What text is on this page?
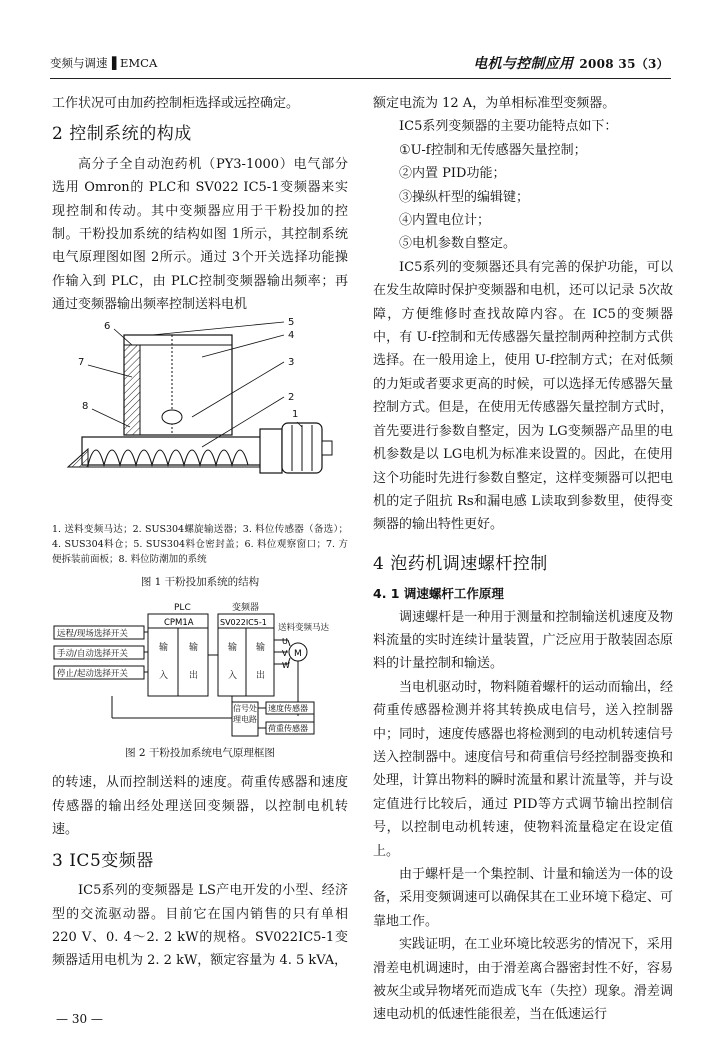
变频与调速▐ EMCA	电机与控制应用 2008 35（3）

工作状况可由加药控制柜选择或远控确定。

2 控制系统的构成

高分子全自动泡药机（PY3-1000）电气部分选用 Omron的 PLC和 SV022 IC5-1变频器来实现控制和传动。其中变频器应用于干粉投加的控制。干粉投加系统的结构如图 1所示，其控制系统电气原理图如图 2所示。通过 3个开关选择功能操作输入到 PLC，由 PLC控制变频器输出频率；再通过变频器输出频率控制送料电机

5
4
3
2
1
6
7
8
1. 送料变频马达；2. SUS304螺旋输送器；3. 料位传感器（备选）；4. SUS304料仓；5. SUS304料仓密封盖；6. 料位观察窗口；7. 方便拆装前面板；8. 料位防潮加的系统
图 1 干粉投加系统的结构
PLC	变频器
送料变频马达
CPM1A	SV022IC5-1
输
入
输
出
输
入
输
出
远程/现场选择开关
手动/自动选择开关
停止/起动选择开关
U
V
W
M
信号处理电路
速度传感器
荷重传感器
图 2 干粉投加系统电气原理框图

的转速，从而控制送料的速度。荷重传感器和速度传感器的输出经处理送回变频器，以控制电机转速。

3 IC5变频器

IC5系列的变频器是 LS产电开发的小型、经济型的交流驱动器。目前它在国内销售的只有单相 220 V、0. 4～2. 2 kW的规格。SV022IC5-1变频器适用电机为 2. 2 kW，额定容量为 4. 5 kVA，

额定电流为 12 A，为单相标准型变频器。

IC5系列变频器的主要功能特点如下：

①U-f控制和无传感器矢量控制；

②内置 PID功能；

③操纵杆型的编辑键；

④内置电位计；

⑤电机参数自整定。

IC5系列的变频器还具有完善的保护功能，可以在发生故障时保护变频器和电机，还可以记录 5次故障，方便维修时查找故障内容。在 IC5的变频器中，有 U-f控制和无传感器矢量控制两种控制方式供选择。在一般用途上，使用 U-f控制方式；在对低频的力矩或者要求更高的时候，可以选择无传感器矢量控制方式。但是，在使用无传感器矢量控制方式时，首先要进行参数自整定，因为 LG变频器产品里的电机参数是以 LG电机为标准来设置的。因此，在使用这个功能时先进行参数自整定，这样变频器可以把电机的定子阻抗 Rs和漏电感 L读取到参数里，使得变频器的输出特性更好。

4 泡药机调速螺杆控制
4. 1 调速螺杆工作原理

调速螺杆是一种用于测量和控制输送机速度及物料流量的实时连续计量装置，广泛应用于散装固态原料的计量控制和输送。

当电机驱动时，物料随着螺杆的运动而输出，经荷重传感器检测并将其转换成电信号，送入控制器中；同时，速度传感器也将检测到的电动机转速信号送入控制器中。速度信号和荷重信号经控制器变换和处理，计算出物料的瞬时流量和累计流量等，并与设定值进行比较后，通过 PID等方式调节输出控制信号，以控制电动机转速，使物料流量稳定在设定值上。

由于螺杆是一个集控制、计量和输送为一体的设备，采用变频调速可以确保其在工业环境下稳定、可靠地工作。

实践证明，在工业环境比较恶劣的情况下，采用滑差电机调速时，由于滑差离合器密封性不好，容易被灰尘或异物堵死而造成飞车（失控）现象。滑差调速电动机的低速性能很差，当在低速运行

— 30 —
